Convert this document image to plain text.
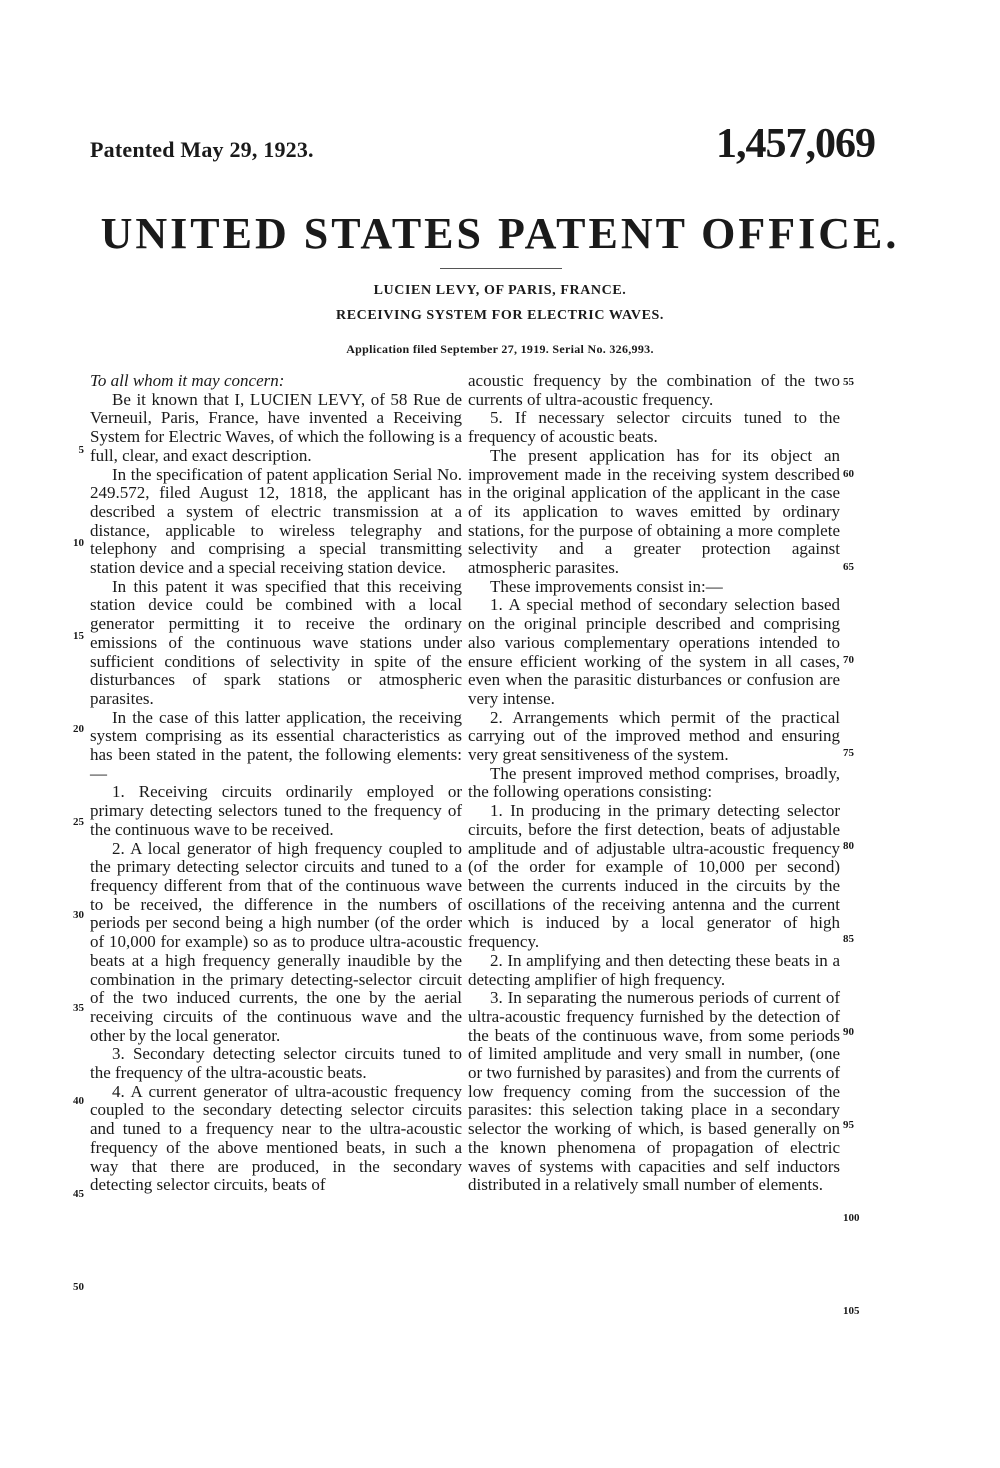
Patented May 29, 1923.	1,457,069
UNITED STATES PATENT OFFICE.
LUCIEN LEVY, OF PARIS, FRANCE.
RECEIVING SYSTEM FOR ELECTRIC WAVES.
Application filed September 27, 1919. Serial No. 326,993.

To all whom it may concern:

Be it known that I, LUCIEN LEVY, of 58 Rue de Verneuil, Paris, France, have invented a Receiving System for Electric Waves, of which the following is a full, clear, and exact description.

In the specification of patent application Serial No. 249.572, filed August 12, 1818, the applicant has described a system of electric transmission at a distance, applicable to wireless telegraphy and telephony and comprising a special transmitting station device and a special receiving station device.

In this patent it was specified that this receiving station device could be combined with a local generator permitting it to receive the ordinary emissions of the continuous wave stations under sufficient conditions of selectivity in spite of the disturbances of spark stations or atmospheric parasites.

In the case of this latter application, the receiving system comprising as its essential characteristics as has been stated in the patent, the following elements:—

1. Receiving circuits ordinarily employed or primary detecting selectors tuned to the frequency of the continuous wave to be received.

2. A local generator of high frequency coupled to the primary detecting selector circuits and tuned to a frequency different from that of the continuous wave to be received, the difference in the numbers of periods per second being a high number (of the order of 10,000 for example) so as to produce ultra-acoustic beats at a high frequency generally inaudible by the combination in the primary detecting-selector circuit of the two induced currents, the one by the aerial receiving circuits of the continuous wave and the other by the local generator.

3. Secondary detecting selector circuits tuned to the frequency of the ultra-acoustic beats.

4. A current generator of ultra-acoustic frequency coupled to the secondary detecting selector circuits and tuned to a frequency near to the ultra-acoustic frequency of the above mentioned beats, in such a way that there are produced, in the secondary detecting selector circuits, beats of

acoustic frequency by the combination of the two currents of ultra-acoustic frequency.

5. If necessary selector circuits tuned to the frequency of acoustic beats.

The present application has for its object an improvement made in the receiving system described in the original application of the applicant in the case of its application to waves emitted by ordinary stations, for the purpose of obtaining a more complete selectivity and a greater protection against atmospheric parasites.

These improvements consist in:—

1. A special method of secondary selection based on the original principle described and comprising also various complementary operations intended to ensure efficient working of the system in all cases, even when the parasitic disturbances or confusion are very intense.

2. Arrangements which permit of the practical carrying out of the improved method and ensuring very great sensitiveness of the system.

The present improved method comprises, broadly, the following operations consisting:

1. In producing in the primary detecting selector circuits, before the first detection, beats of adjustable amplitude and of adjustable ultra-acoustic frequency (of the order for example of 10,000 per second) between the currents induced in the circuits by the oscillations of the receiving antenna and the current which is induced by a local generator of high frequency.

2. In amplifying and then detecting these beats in a detecting amplifier of high frequency.

3. In separating the numerous periods of current of ultra-acoustic frequency furnished by the detection of the beats of the continuous wave, from some periods of limited amplitude and very small in number, (one or two furnished by parasites) and from the currents of low frequency coming from the succession of the parasites: this selection taking place in a secondary selector the working of which, is based generally on the known phenomena of propagation of electric waves of systems with capacities and self inductors distributed in a relatively small number of elements.

5
10
15
20
25
30
35
40
45
50
55
60
65
70
75
80
85
90
95
100
105
